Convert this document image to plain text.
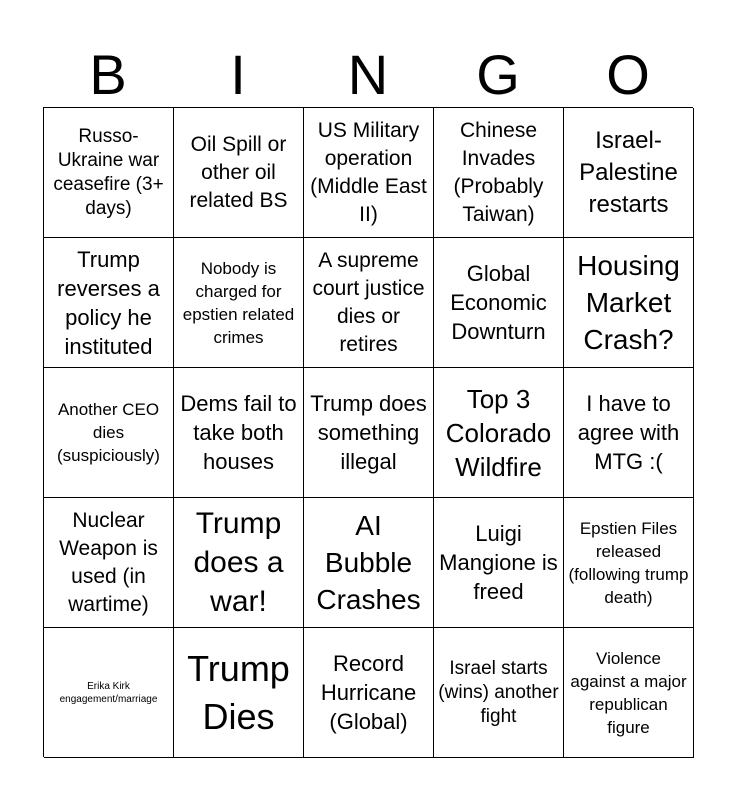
B	I	N	G	O
Russo-Ukraine war ceasefire (3+ days)
Oil Spill or other oil related BS
US Military operation (Middle East II)
Chinese Invades (Probably Taiwan)
Israel-Palestine restarts
Trump reverses a policy he instituted
Nobody is charged for epstien related crimes
A supreme court justice dies or retires
Global Economic Downturn
Housing Market Crash?
Another CEO dies (suspiciously)
Dems fail to take both houses
Trump does something illegal
Top 3 Colorado Wildfire
I have to agree with MTG :(
Nuclear Weapon is used (in wartime)
Trump does a war!
AI Bubble Crashes
Luigi Mangione is freed
Epstien Files released (following trump death)
Erika Kirk engagement/marriage
Trump Dies
Record Hurricane (Global)
Israel starts (wins) another fight
Violence against a major republican figure
